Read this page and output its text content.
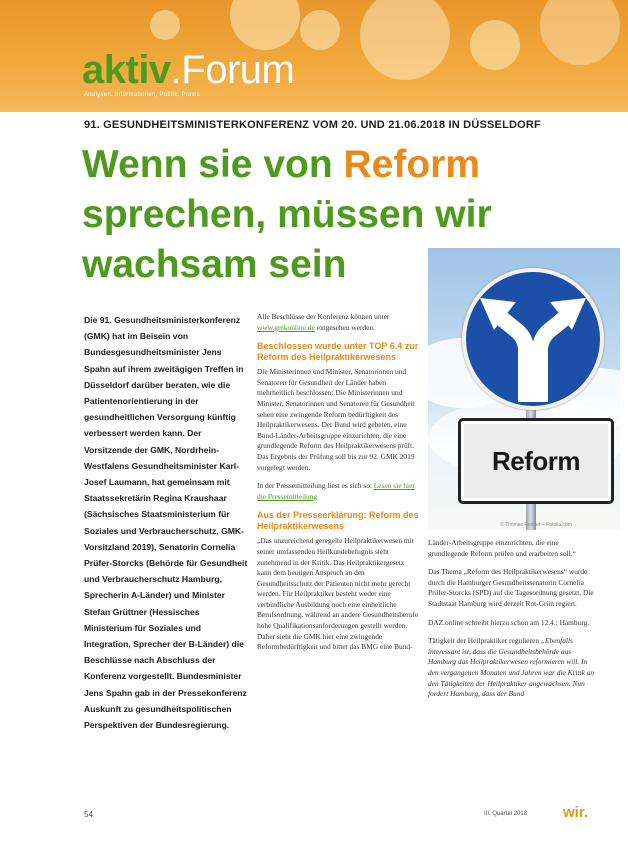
aktiv.Forum
Analysen, Informationen, Politik, Praxis
91. GESUNDHEITSMINISTERKONFERENZ VOM 20. UND 21.06.2018 IN DÜSSELDORF
Wenn sie von Reform sprechen, müssen wir wachsam sein
Reform
© Thomas Reimer – Fotolia.com
Die 91. Gesundheitsministerkonferenz (GMK) hat im Beisein von Bundesgesundheitsminister Jens Spahn auf ihrem zweitägigen Treffen in Düsseldorf darüber beraten, wie die Patientenorientierung in der gesundheitlichen Versorgung künftig verbessert werden kann. Der Vorsitzende der GMK, Nordrhein-Westfalens Gesundheitsminister Karl-Josef Laumann, hat gemeinsam mit Staatssekretärin Regina Kraushaar (Sächsisches Staatsministerium für Soziales und Verbraucherschutz, GMK-Vorsitzland 2019), Senatorin Cornelia Prüfer-Storcks (Behörde für Gesundheit und Verbraucherschutz Hamburg, Sprecherin A-Länder) und Minister Stefan Grüttner (Hessisches Ministerium für Soziales und Integration, Sprecher der B-Länder) die Beschlüsse nach Abschluss der Konferenz vorgestellt. Bundesminister Jens Spahn gab in der Pressekonferenz Auskunft zu gesundheitspolitischen Perspektiven der Bundesregierung.

Alle Beschlüsse der Konferenz können unter www.gmkonline.de eingesehen werden.

Beschlossen wurde unter TOP 6.4 zur Reform des Heilpraktikerwesens

Die Ministerinnen und Minister, Senatorinnen und Senatoren für Gesundheit der Länder haben mehrheitlich beschlossen: Die Ministerinnen und Minister, Senatorinnen und Senatoren für Gesundheit sehen eine zwingende Reform bedürftigkeit des Heilpraktikerwesens. Der Bund wird gebeten, eine Bund-Länder-Arbeitsgruppe einzurichten, die eine grundlegende Reform des Heilpraktikerwesens prüft. Das Ergebnis der Prüfung soll bis zur 92. GMK 2019 vorgelegt werden.

In der Pressemitteilung liest es sich so: Lesen sie hier die Pressemitteilung

Aus der Presseerklärung: Reform des Heilpraktikerwesens

„Das unzureichend geregelte Heilpraktikerwesen mit seiner umfassenden Heilkundebefugnis steht zunehmend in der Kritik. Das Heilpraktikergesetz kann dem heutigen Anspruch an den Gesundheitsschutz der Patienten nicht mehr gerecht werden. Für Heilpraktiker besteht weder eine verbindliche Ausbildung noch eine einheitliche Berufsordnung, während an andere Gesundheitsberufe hohe Qualifikationsanforderungen gestellt werden. Daher sieht die GMK hier eine zwingende Reformbedürftigkeit und bittet das BMG eine Bund-

Länder-Arbeitsgruppe einzurichten, die eine grundlegende Reform prüfen und erarbeiten soll.“

Das Thema „Reform des Heilpraktikerwesens“ wurde durch die Hamburger Gesundheitssenatorin Cornelia Prüfer-Storcks (SPD) auf die Tagesordnung gesetzt. Die Stadtstaat Hamburg wird derzeit Rot-Grün regiert.

DAZ.online schreibt hierzu schon am 12.4.: Hamburg.

Tätigkeit der Heilpraktiker regulieren „Ebenfalls interessant ist, dass die Gesundheitsbehörde aus Hamburg das Heilpraktikerwesen reformieren will. In den vergangenen Monaten und Jahren war die Kritik an den Tätigkeiten der Heilpraktiker angewachsen. Nun fordert Hamburg, dass der Bund

54	III. Quartal 2018 wir.
